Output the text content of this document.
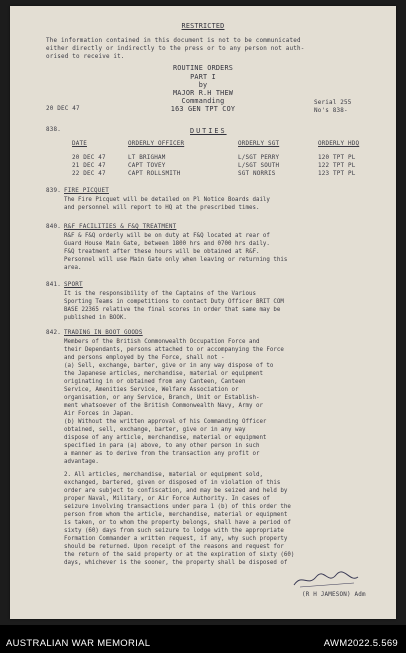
RESTRICTED
The information contained in this document is not to be communicated
either directly or indirectly to the press or to any person not auth-
orised to receive it.
ROUTINE ORDERS
PART I
by
MAJOR R.H THEW
Commanding
163 GEN TPT COY
20 DEC 47
Serial 255
No's 838-
838.	DUTIES
DATE	ORDERLY OFFICER	ORDERLY SGT	ORDERLY HDQ
20 DEC 47	LT BRIGHAM	L/SGT PERRY	120 TPT PL
21 DEC 47	CAPT TOVEY	L/SGT SOUTH	122 TPT PL
22 DEC 47	CAPT ROLLSMITH	SGT NORRIS	123 TPT PL
839. FIRE PICQUET
The Fire Picquet will be detailed on Pl Notice Boards daily
and personnel will report to HQ at the prescribed times.
840. R&F FACILITIES & F&Q TREATMENT
R&F & F&Q orderly will be on duty at F&Q located at rear of
Guard House Main Gate, between 1800 hrs and 0700 hrs daily.
F&Q treatment after these hours will be obtained at R&F.
Personnel will use Main Gate only when leaving or returning this
area.
841. SPORT
It is the responsibility of the Captains of the Various
Sporting Teams in competitions to contact Duty Officer BRIT COM
BASE 22365 relative the final scores in order that same may be
published in BOOK.
842. TRADING IN BOOT GOODS
Members of the British Commonwealth Occupation Force and
their Dependants, persons attached to or accompanying the Force
and persons employed by the Force, shall not -
(a) Sell, exchange, barter, give or in any way dispose of to
the Japanese articles, merchandise, material or equipment
originating in or obtained from any Canteen, Canteen
Service, Amenities Service, Welfare Association or
organisation, or any Service, Branch, Unit or Establish-
ment whatsoever of the British Commonwealth Navy, Army or
Air Forces in Japan.
(b) Without the written approval of his Commanding Officer
obtained, sell, exchange, barter, give or in any way
dispose of any article, merchandise, material or equipment
specified in para (a) above, to any other person in such
a manner as to derive from the transaction any profit or
advantage.
2. All articles, merchandise, material or equipment sold,
exchanged, bartered, given or disposed of in violation of this
order are subject to confiscation, and may be seized and held by
proper Naval, Military, or Air Force Authority. In cases of
seizure involving transactions under para 1 (b) of this order the
person from whom the article, merchandise, material or equipment
is taken, or to whom the property belongs, shall have a period of
sixty (60) days from such seizure to lodge with the appropriate
Formation Commander a written request, if any, why such property
should be returned. Upon receipt of the reasons and request for
the return of the said property or at the expiration of sixty (60)
days, whichever is the sooner, the property shall be disposed of
(R H JAMESON) Adm
AUSTRALIAN WAR MEMORIAL	AWM2022.5.569
